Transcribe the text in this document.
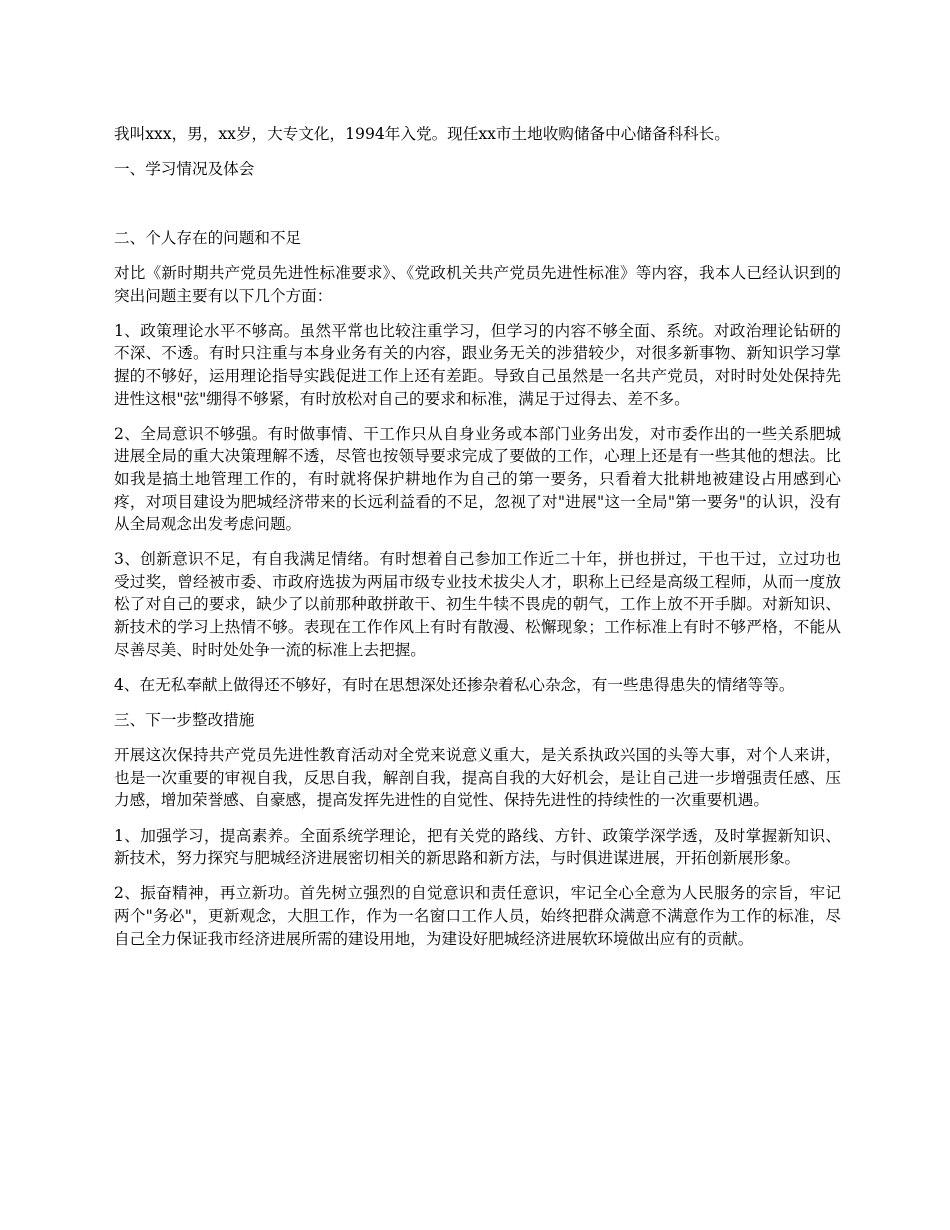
我叫xxx，男，xx岁，大专文化，1994年入党。现任xx市土地收购储备中心储备科科长。

一、学习情况及体会

二、个人存在的问题和不足

对比《新时期共产党员先进性标准要求》、《党政机关共产党员先进性标准》等内容，我本人已经认识到的突出问题主要有以下几个方面：

1、政策理论水平不够高。虽然平常也比较注重学习，但学习的内容不够全面、系统。对政治理论钻研的不深、不透。有时只注重与本身业务有关的内容，跟业务无关的涉猎较少，对很多新事物、新知识学习掌握的不够好，运用理论指导实践促进工作上还有差距。导致自己虽然是一名共产党员，对时时处处保持先进性这根"弦"绷得不够紧，有时放松对自己的要求和标准，满足于过得去、差不多。

2、全局意识不够强。有时做事情、干工作只从自身业务或本部门业务出发，对市委作出的一些关系肥城进展全局的重大决策理解不透，尽管也按领导要求完成了要做的工作，心理上还是有一些其他的想法。比如我是搞土地管理工作的，有时就将保护耕地作为自己的第一要务，只看着大批耕地被建设占用感到心疼，对项目建设为肥城经济带来的长远利益看的不足，忽视了对"进展"这一全局"第一要务"的认识，没有从全局观念出发考虑问题。

3、创新意识不足，有自我满足情绪。有时想着自己参加工作近二十年，拼也拼过，干也干过，立过功也受过奖，曾经被市委、市政府选拔为两届市级专业技术拔尖人才，职称上已经是高级工程师，从而一度放松了对自己的要求，缺少了以前那种敢拼敢干、初生牛犊不畏虎的朝气，工作上放不开手脚。对新知识、新技术的学习上热情不够。表现在工作作风上有时有散漫、松懈现象；工作标准上有时不够严格，不能从尽善尽美、时时处处争一流的标准上去把握。

4、在无私奉献上做得还不够好，有时在思想深处还掺杂着私心杂念，有一些患得患失的情绪等等。

三、下一步整改措施

开展这次保持共产党员先进性教育活动对全党来说意义重大，是关系执政兴国的头等大事，对个人来讲，也是一次重要的审视自我，反思自我，解剖自我，提高自我的大好机会，是让自己进一步增强责任感、压力感，增加荣誉感、自豪感，提高发挥先进性的自觉性、保持先进性的持续性的一次重要机遇。

1、加强学习，提高素养。全面系统学理论，把有关党的路线、方针、政策学深学透，及时掌握新知识、新技术，努力探究与肥城经济进展密切相关的新思路和新方法，与时俱进谋进展，开拓创新展形象。

2、振奋精神，再立新功。首先树立强烈的自觉意识和责任意识，牢记全心全意为人民服务的宗旨，牢记两个"务必"，更新观念，大胆工作，作为一名窗口工作人员，始终把群众满意不满意作为工作的标准，尽自己全力保证我市经济进展所需的建设用地，为建设好肥城经济进展软环境做出应有的贡献。
